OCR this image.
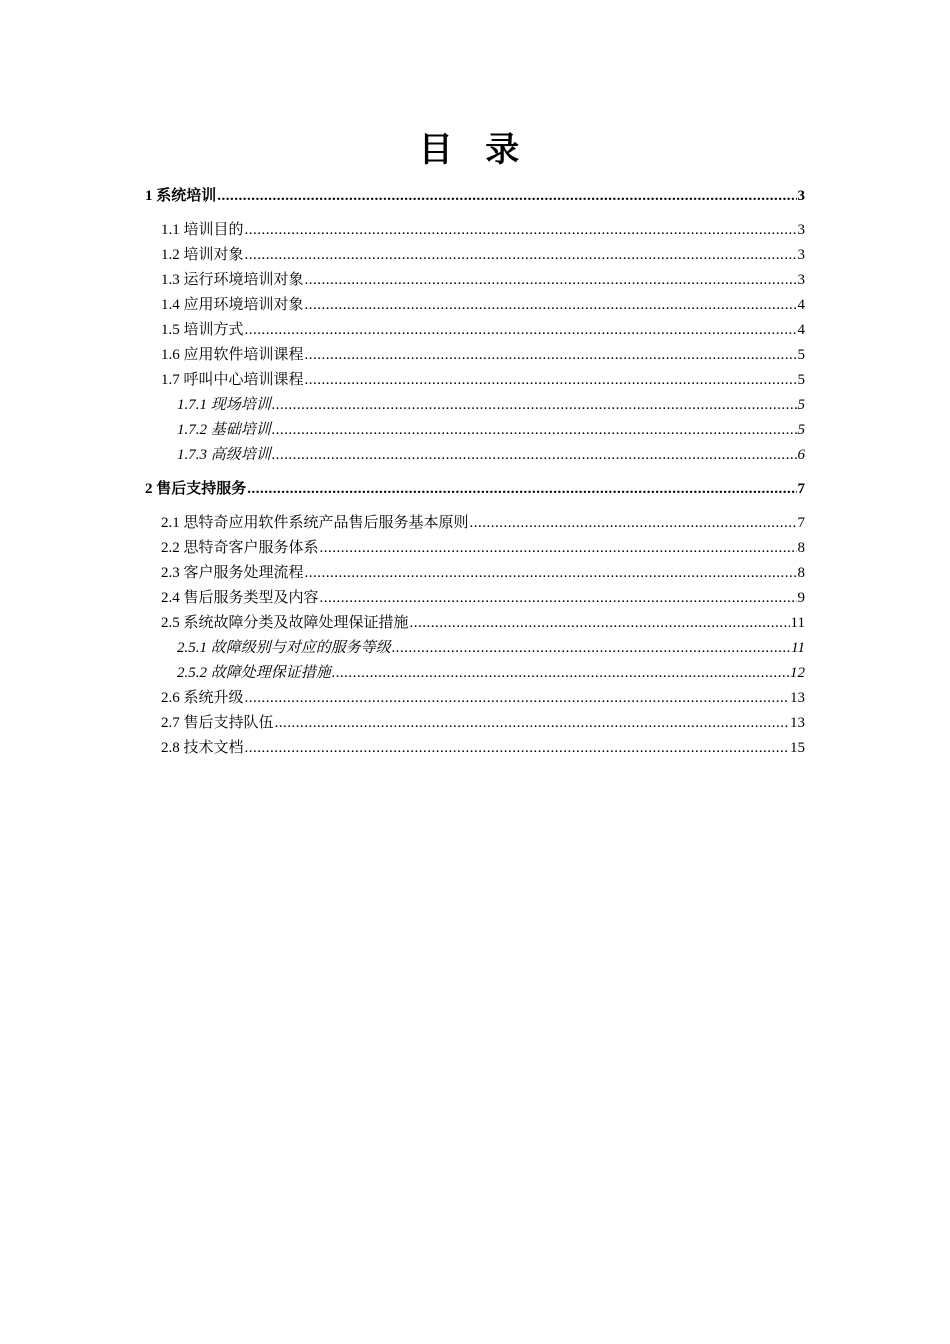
目 录
1 系统培训 .....	3
1.1 培训目的 .....	3
1.2 培训对象 .....	3
1.3 运行环境培训对象 .....	3
1.4 应用环境培训对象 .....	4
1.5 培训方式 .....	4
1.6 应用软件培训课程 .....	5
1.7 呼叫中心培训课程 .....	5
1.7.1 现场培训 .....	5
1.7.2 基础培训 .....	5
1.7.3 高级培训 .....	6
2 售后支持服务 .....	7
2.1 思特奇应用软件系统产品售后服务基本原则 .....	7
2.2 思特奇客户服务体系 .....	8
2.3 客户服务处理流程 .....	8
2.4 售后服务类型及内容 .....	9
2.5 系统故障分类及故障处理保证措施 .....	11
2.5.1 故障级别与对应的服务等级 .....	11
2.5.2 故障处理保证措施 .....	12
2.6 系统升级 .....	13
2.7 售后支持队伍 .....	13
2.8 技术文档 .....	15
